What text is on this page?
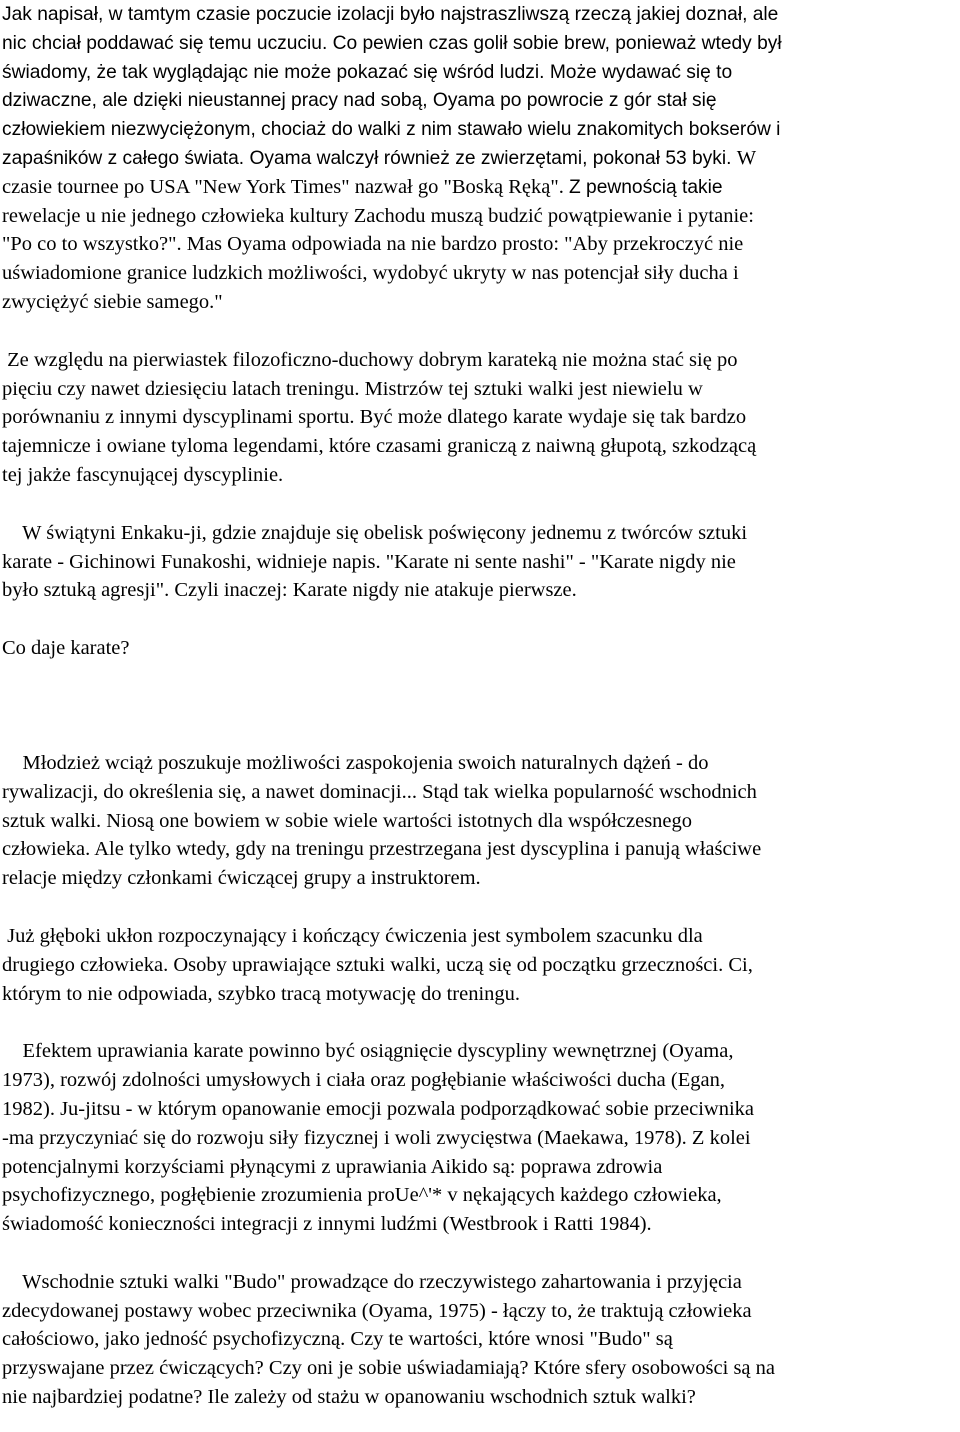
Jak napisał, w tamtym czasie poczucie izolacji było najstraszliwszą rzeczą jakiej doznał, ale
nic chciał poddawać się temu uczuciu. Co pewien czas golił sobie brew, ponieważ wtedy był
świadomy, że tak wyglądając nie może pokazać się wśród ludzi. Może wydawać się to
dziwaczne, ale dzięki nieustannej pracy nad sobą, Oyama po powrocie z gór stał się
człowiekiem niezwyciężonym, chociaż do walki z nim stawało wielu znakomitych bokserów i
zapaśników z całego świata. Oyama walczył również ze zwierzętami, pokonał 53 byki. W
czasie tournee po USA "New York Times" nazwał go "Boską Ręką". Z pewnością takie
rewelacje u nie jednego człowieka kultury Zachodu muszą budzić powątpiewanie i pytanie:
"Po co to wszystko?". Mas Oyama odpowiada na nie bardzo prosto: "Aby przekroczyć nie
uświadomione granice ludzkich możliwości, wydobyć ukryty w nas potencjał siły ducha i
zwyciężyć siebie samego."
Ze względu na pierwiastek filozoficzno-duchowy dobrym karateką nie można stać się po
pięciu czy nawet dziesięciu latach treningu. Mistrzów tej sztuki walki jest niewielu w
porównaniu z innymi dyscyplinami sportu. Być może dlatego karate wydaje się tak bardzo
tajemnicze i owiane tyloma legendami, które czasami graniczą z naiwną głupotą, szkodzącą
tej jakże fascynującej dyscyplinie.
W świątyni Enkaku-ji, gdzie znajduje się obelisk poświęcony jednemu z twórców sztuki
karate - Gichinowi Funakoshi, widnieje napis. "Karate ni sente nashi" - "Karate nigdy nie
było sztuką agresji". Czyli inaczej: Karate nigdy nie atakuje pierwsze.
Co daje karate?
Młodzież wciąż poszukuje możliwości zaspokojenia swoich naturalnych dążeń - do
rywalizacji, do określenia się, a nawet dominacji... Stąd tak wielka popularność wschodnich
sztuk walki. Niosą one bowiem w sobie wiele wartości istotnych dla współczesnego
człowieka. Ale tylko wtedy, gdy na treningu przestrzegana jest dyscyplina i panują właściwe
relacje między członkami ćwiczącej grupy a instruktorem.
Już głęboki ukłon rozpoczynający i kończący ćwiczenia jest symbolem szacunku dla
drugiego człowieka. Osoby uprawiające sztuki walki, uczą się od początku grzeczności. Ci,
którym to nie odpowiada, szybko tracą motywację do treningu.
Efektem uprawiania karate powinno być osiągnięcie dyscypliny wewnętrznej (Oyama,
1973), rozwój zdolności umysłowych i ciała oraz pogłębianie właściwości ducha (Egan,
1982). Ju-jitsu - w którym opanowanie emocji pozwala podporządkować sobie przeciwnika
-ma przyczyniać się do rozwoju siły fizycznej i woli zwycięstwa (Maekawa, 1978). Z kolei
potencjalnymi korzyściami płynącymi z uprawiania Aikido są: poprawa zdrowia
psychofizycznego, pogłębienie zrozumienia proUe^'* v nękających każdego człowieka,
świadomość konieczności integracji z innymi ludźmi (Westbrook i Ratti 1984).
Wschodnie sztuki walki "Budo" prowadzące do rzeczywistego zahartowania i przyjęcia
zdecydowanej postawy wobec przeciwnika (Oyama, 1975) - łączy to, że traktują człowieka
całościowo, jako jedność psychofizyczną. Czy te wartości, które wnosi "Budo" są
przyswajane przez ćwiczących? Czy oni je sobie uświadamiają? Które sfery osobowości są na
nie najbardziej podatne? Ile zależy od stażu w opanowaniu wschodnich sztuk walki?
